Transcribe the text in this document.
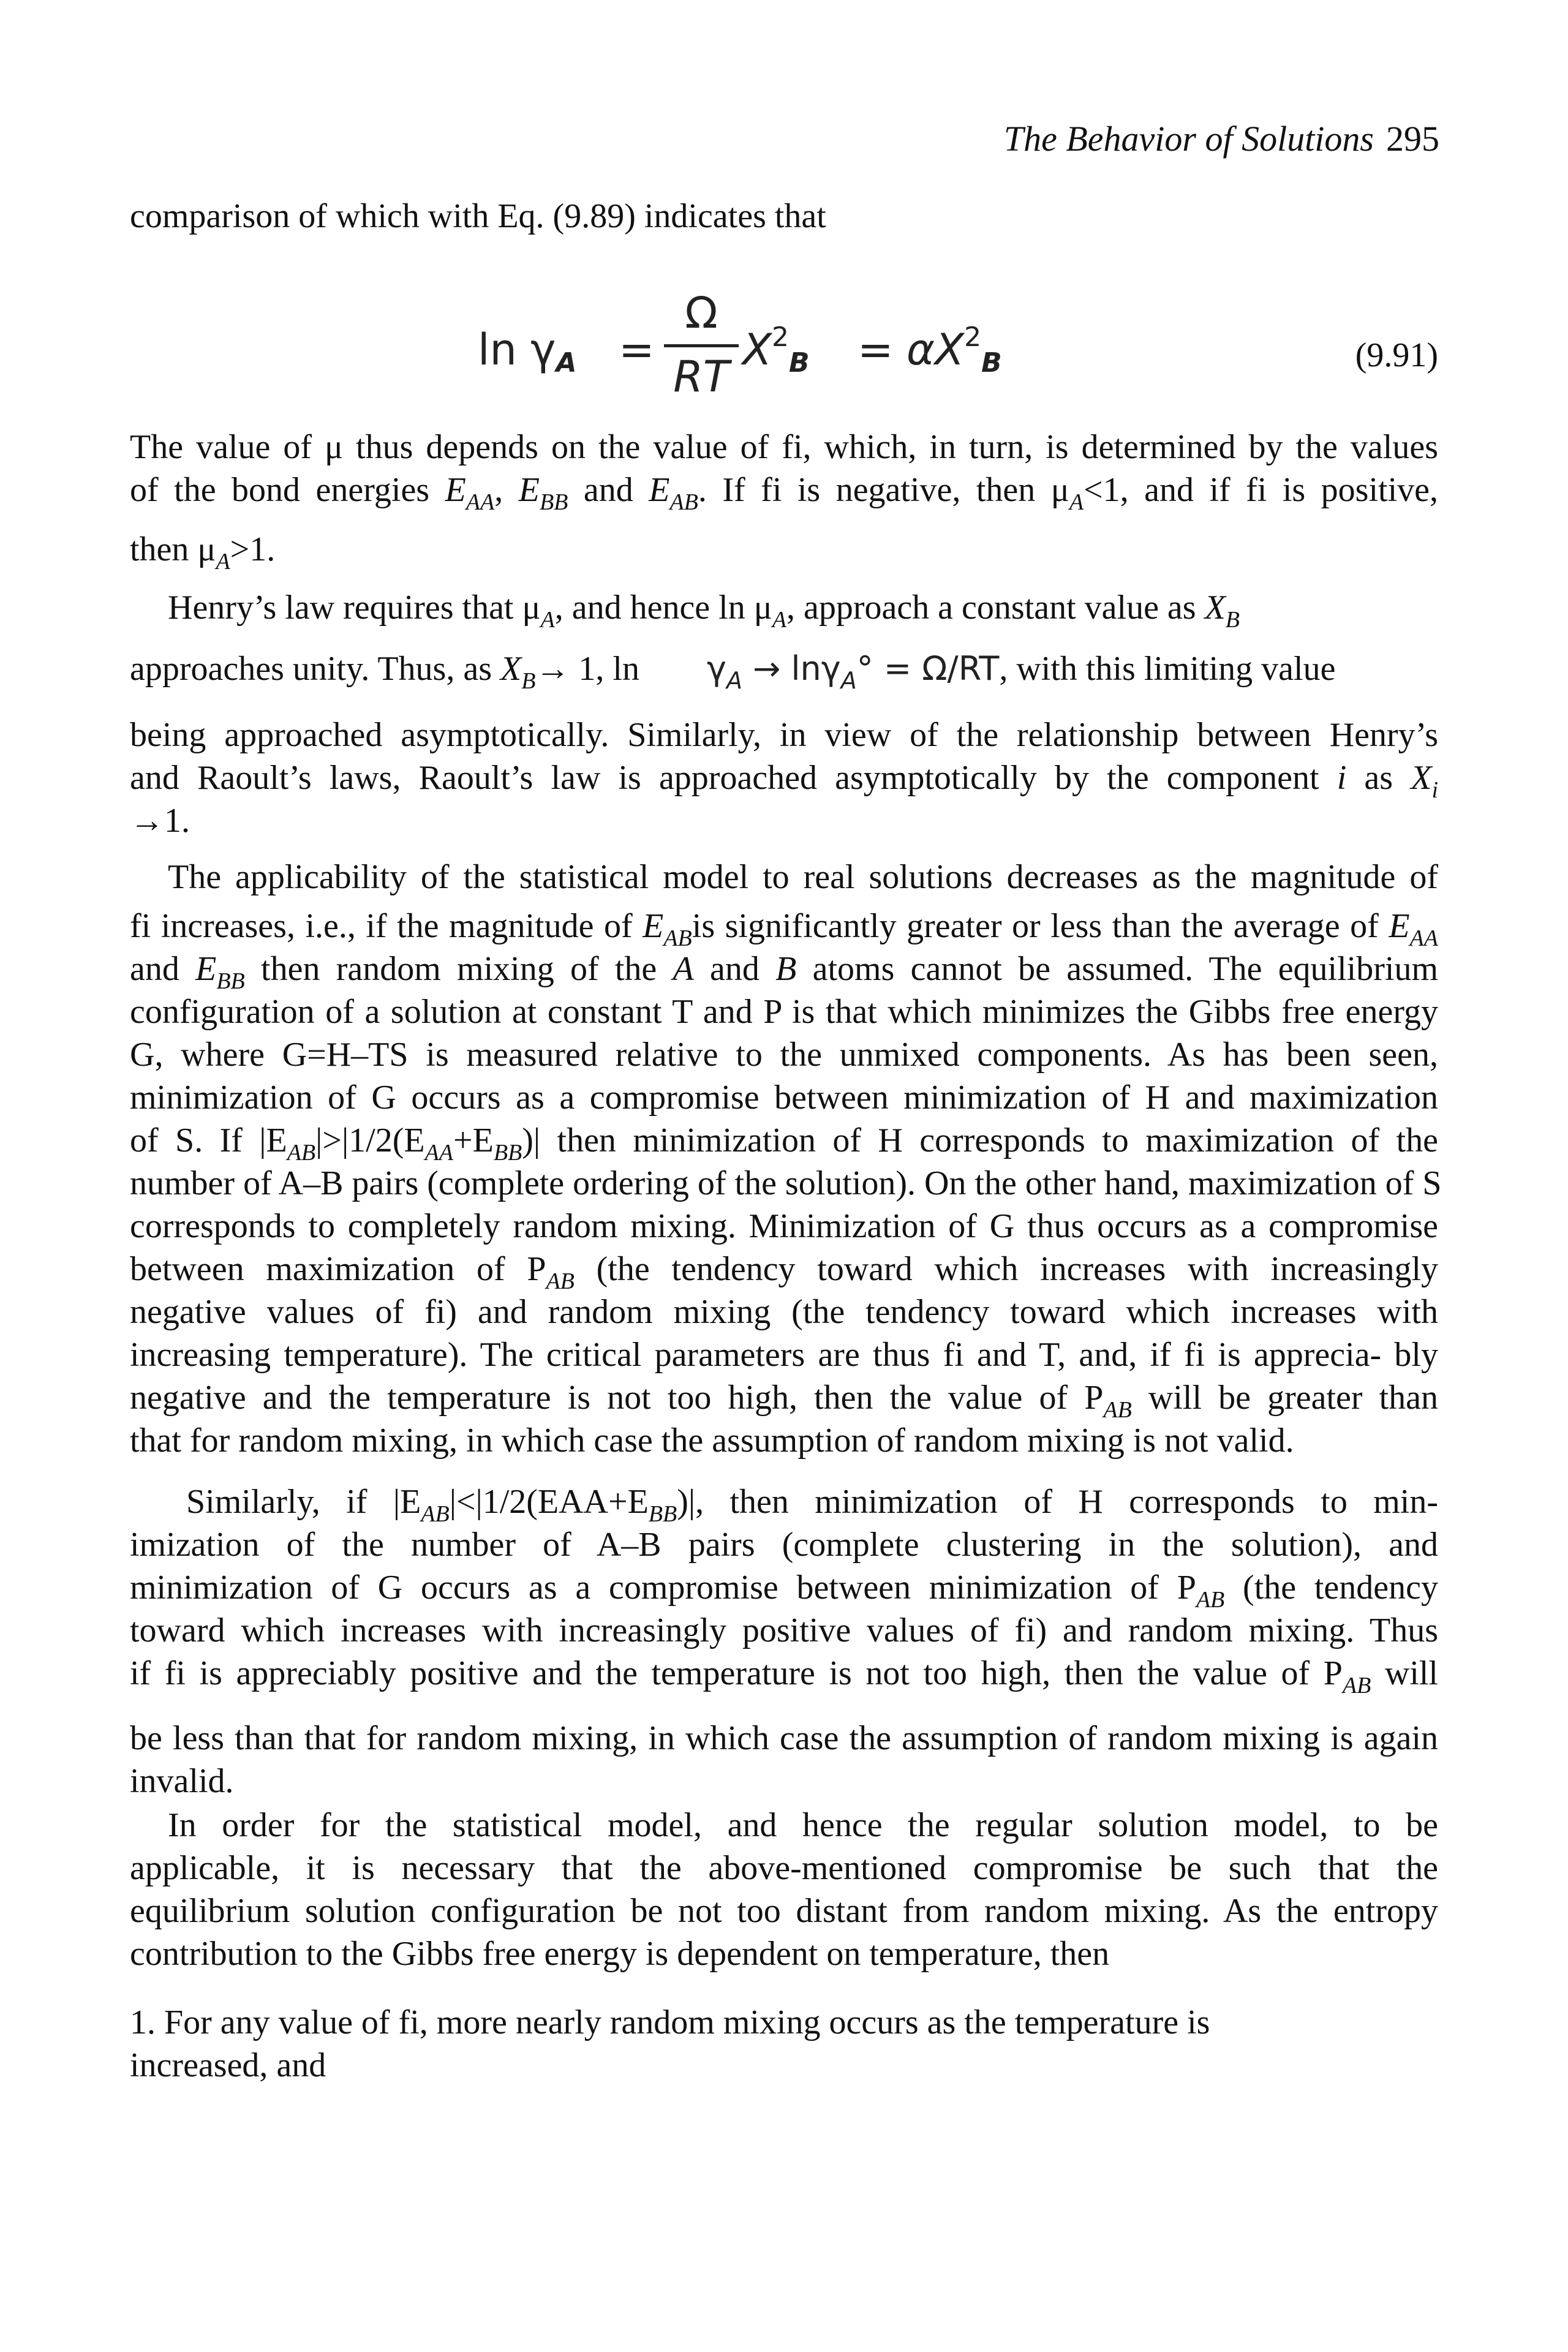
The Behavior of Solutions 295
comparison of which with Eq. (9.89) indicates that
$\ln \gamma_A$ =
Ω
RT
$X^2_B = \alpha X^2_B$	(9.91)
The value of μ thus depends on the value of fi, which, in turn, is determined by the values
of the bond energies $E_{AA}$, $E_{BB}$ and $E_{AB}$. If fi is negative, then $\mu_A<1$, and if fi is positive,
then $\mu_A>1$.
Henry’s law requires that $\mu_A$, and hence $\ln \mu_A$, approach a constant value as $X_B$
approaches unity. Thus, as $X_B\to 1$, $\ln \gamma_A \to \ln\gamma_A^\circ = \Omega/RT$, with this limiting value
being approached asymptotically. Similarly, in view of the relationship between Henry’s
and Raoult’s laws, Raoult’s law is approached asymptotically by the component i as $X_i$
→1.
The applicability of the statistical model to real solutions decreases as the magnitude of
fi increases, i.e., if the magnitude of $E_{AB}is$ significantly greater or less than the average of $E_{AA}$
and $E_{BB}$ then random mixing of the A and B atoms cannot be assumed. The equilibrium
configuration of a solution at constant T and P is that which minimizes the Gibbs free energy
G, where G=H–TS is measured relative to the unmixed components. As has been seen,
minimization of G occurs as a compromise between minimization of H and maximization
of S. If $|E_{AB}|>|1/2(E_{AA}+E_{BB})|$ then minimization of H corresponds to maximization of the
number of A–B pairs (complete ordering of the solution). On the other hand, maximization of S
corresponds to completely random mixing. Minimization of G thus occurs as a compromise
between maximization of $P_{AB}$ (the tendency toward which increases with increasingly
negative values of fi) and random mixing (the tendency toward which increases with
increasing temperature). The critical parameters are thus fi and T, and, if fi is apprecia- bly
negative and the temperature is not too high, then the value of $P_{AB}$ will be greater than
that for random mixing, in which case the assumption of random mixing is not valid.
Similarly, if $|E_{AB}|<|1/2(EAA+E_{BB})|$, then minimization of H corresponds to min-
imization of the number of A–B pairs (complete clustering in the solution), and
minimization of G occurs as a compromise between minimization of $P_{AB}$ (the tendency
toward which increases with increasingly positive values of fi) and random mixing. Thus
if fi is appreciably positive and the temperature is not too high, then the value of $P_{AB}$ will
be less than that for random mixing, in which case the assumption of random mixing is again
invalid.
In order for the statistical model, and hence the regular solution model, to be
applicable, it is necessary that the above-mentioned compromise be such that the
equilibrium solution configuration be not too distant from random mixing. As the entropy
contribution to the Gibbs free energy is dependent on temperature, then
1. For any value of fi, more nearly random mixing occurs as the temperature is
increased, and
